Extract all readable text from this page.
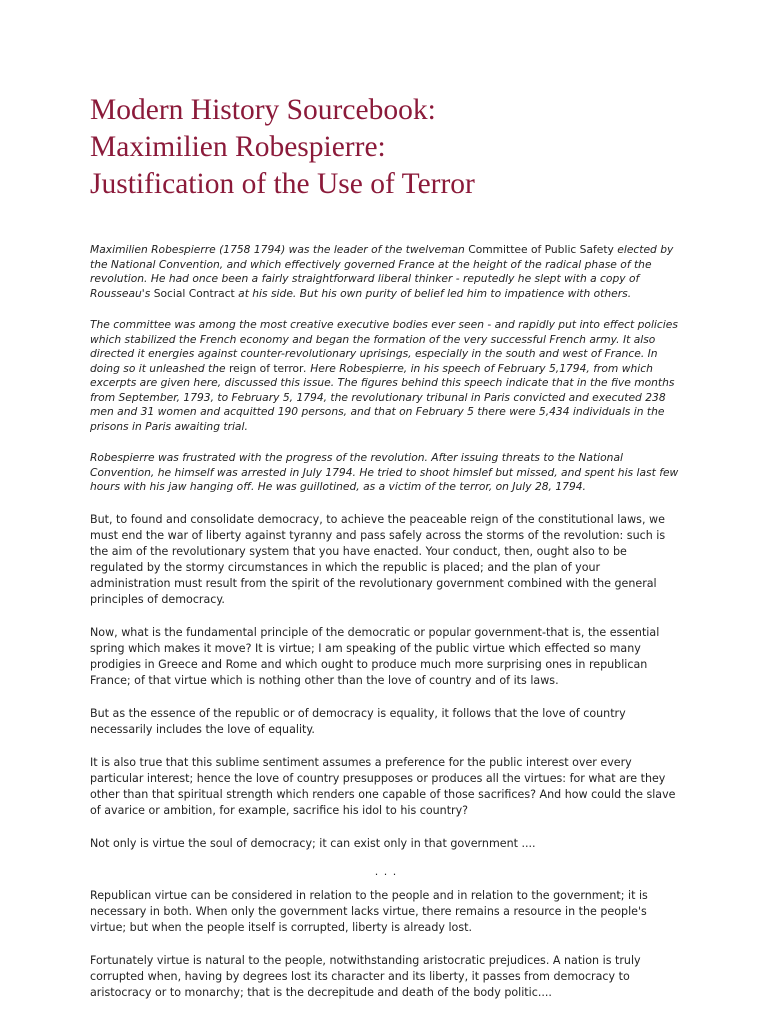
Modern History Sourcebook:
Maximilien Robespierre:
Justification of the Use of Terror

Maximilien Robespierre (1758 1794) was the leader of the twelveman Committee of Public Safety elected by the National Convention, and which effectively governed France at the height of the radical phase of the revolution. He had once been a fairly straightforward liberal thinker - reputedly he slept with a copy of Rousseau's Social Contract at his side. But his own purity of belief led him to impatience with others.

The committee was among the most creative executive bodies ever seen - and rapidly put into effect policies which stabilized the French economy and began the formation of the very successful French army. It also directed it energies against counter-revolutionary uprisings, especially in the south and west of France. In doing so it unleashed the reign of terror. Here Robespierre, in his speech of February 5,1794, from which excerpts are given here, discussed this issue. The figures behind this speech indicate that in the five months from September, 1793, to February 5, 1794, the revolutionary tribunal in Paris convicted and executed 238 men and 31 women and acquitted 190 persons, and that on February 5 there were 5,434 individuals in the prisons in Paris awaiting trial.

Robespierre was frustrated with the progress of the revolution. After issuing threats to the National Convention, he himself was arrested in July 1794. He tried to shoot himslef but missed, and spent his last few hours with his jaw hanging off. He was guillotined, as a victim of the terror, on July 28, 1794.

But, to found and consolidate democracy, to achieve the peaceable reign of the constitutional laws, we must end the war of liberty against tyranny and pass safely across the storms of the revolution: such is the aim of the revolutionary system that you have enacted. Your conduct, then, ought also to be regulated by the stormy circumstances in which the republic is placed; and the plan of your administration must result from the spirit of the revolutionary government combined with the general principles of democracy.

Now, what is the fundamental principle of the democratic or popular government-that is, the essential spring which makes it move? It is virtue; I am speaking of the public virtue which effected so many prodigies in Greece and Rome and which ought to produce much more surprising ones in republican France; of that virtue which is nothing other than the love of country and of its laws.

But as the essence of the republic or of democracy is equality, it follows that the love of country necessarily includes the love of equality.

It is also true that this sublime sentiment assumes a preference for the public interest over every particular interest; hence the love of country presupposes or produces all the virtues: for what are they other than that spiritual strength which renders one capable of those sacrifices? And how could the slave of avarice or ambition, for example, sacrifice his idol to his country?

Not only is virtue the soul of democracy; it can exist only in that government ....

. . .

Republican virtue can be considered in relation to the people and in relation to the government; it is necessary in both. When only the government lacks virtue, there remains a resource in the people's virtue; but when the people itself is corrupted, liberty is already lost.

Fortunately virtue is natural to the people, notwithstanding aristocratic prejudices. A nation is truly corrupted when, having by degrees lost its character and its liberty, it passes from democracy to aristocracy or to monarchy; that is the decrepitude and death of the body politic....
